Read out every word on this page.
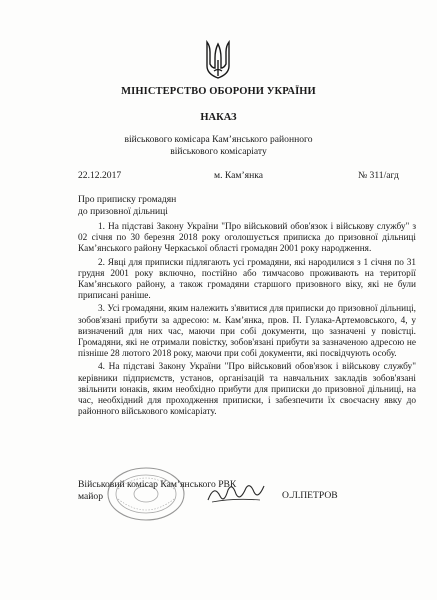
МІНІСТЕРСТВО ОБОРОНИ УКРАЇНИ
НАКАЗ
військового комісара Кам’янського районного
військового комісаріату
22.12.2017	м. Кам’янка	№ 311/агд
Про приписку громадян
до призовної дільниці

1. На підставі Закону України "Про військовий обов'язок і військову службу" з 02 січня по 30 березня 2018 року оголошується приписка до призовної дільниці Кам’янського району Черкаської області громадян 2001 року народження.

2. Явці для приписки підлягають усі громадяни, які народилися з 1 січня по 31 грудня 2001 року включно, постійно або тимчасово проживають на території Кам’янського району, а також громадяни старшого призовного віку, які не були приписані раніше.

3. Усі громадяни, яким належить з'явитися для приписки до призовної дільниці, зобов'язані прибути за адресою: м. Кам’янка, пров. П. Гулака-Артемовського, 4, у визначений для них час, маючи при собі документи, що зазначені у повістці. Громадяни, які не отримали повістку, зобов'язані прибути за зазначеною адресою не пізніше 28 лютого 2018 року, маючи при собі документи, які посвідчують особу.

4. На підставі Закону України "Про військовий обов'язок і військову службу" керівники підприємств, установ, організацій та навчальних закладів зобов'язані звільнити юнаків, яким необхідно прибути для приписки до призовної дільниці, на час, необхідний для проходження приписки, і забезпечити їх своєчасну явку до районного військового комісаріату.

Військовий комісар Кам’янського РВК
майор	О.Л.ПЕТРОВ
